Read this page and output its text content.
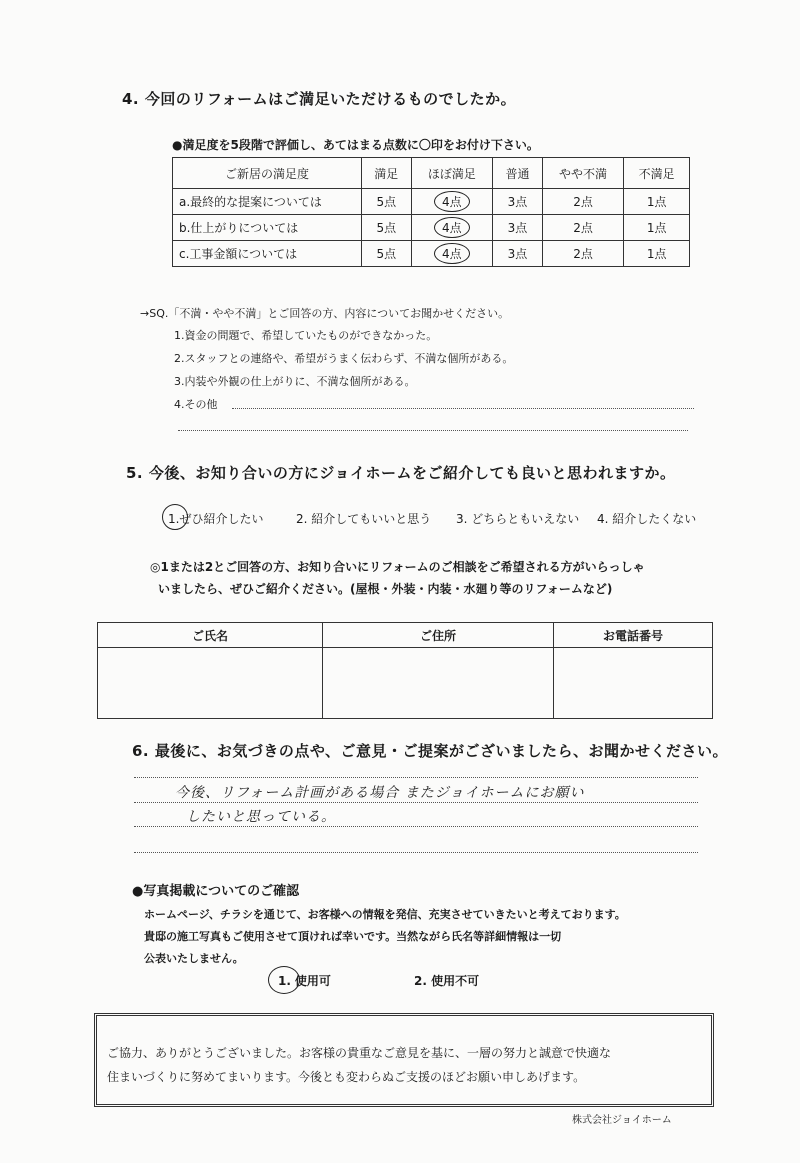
4. 今回のリフォームはご満足いただけるものでしたか。
●満足度を5段階で評価し、あてはまる点数に〇印をお付け下さい。
ご新居の満足度	満足	ほぼ満足	普通	やや不満	不満足
a.最終的な提案については	5点	4点	3点	2点	1点
b.仕上がりについては	5点	4点	3点	2点	1点
c.工事金額については	5点	4点	3点	2点	1点
→SQ.「不満・やや不満」とご回答の方、内容についてお聞かせください。
1.資金の問題で、希望していたものができなかった。
2.スタッフとの連絡や、希望がうまく伝わらず、不満な個所がある。
3.内装や外観の仕上がりに、不満な個所がある。
4.その他
5. 今後、お知り合いの方にジョイホームをご紹介しても良いと思われますか。
1.ぜひ紹介したい	2. 紹介してもいいと思う 3. どちらともいえない 4. 紹介したくない
◎1または2とご回答の方、お知り合いにリフォームのご相談をご希望される方がいらっしゃ
いましたら、ぜひご紹介ください。(屋根・外装・内装・水廻り等のリフォームなど)
ご氏名	ご住所	お電話番号

6. 最後に、お気づきの点や、ご意見・ご提案がございましたら、お聞かせください。
今後、リフォーム計画がある場合 またジョイホームにお願い
したいと思っている。
●写真掲載についてのご確認
ホームページ、チラシを通じて、お客様への情報を発信、充実させていきたいと考えております。
貴邸の施工写真もご使用させて頂ければ幸いです。当然ながら氏名等詳細情報は一切
公表いたしません。
1. 使用可	2. 使用不可
ご協力、ありがとうございました。お客様の貴重なご意見を基に、一層の努力と誠意で快適な
住まいづくりに努めてまいります。今後とも変わらぬご支援のほどお願い申しあげます。
株式会社ジョイホーム
